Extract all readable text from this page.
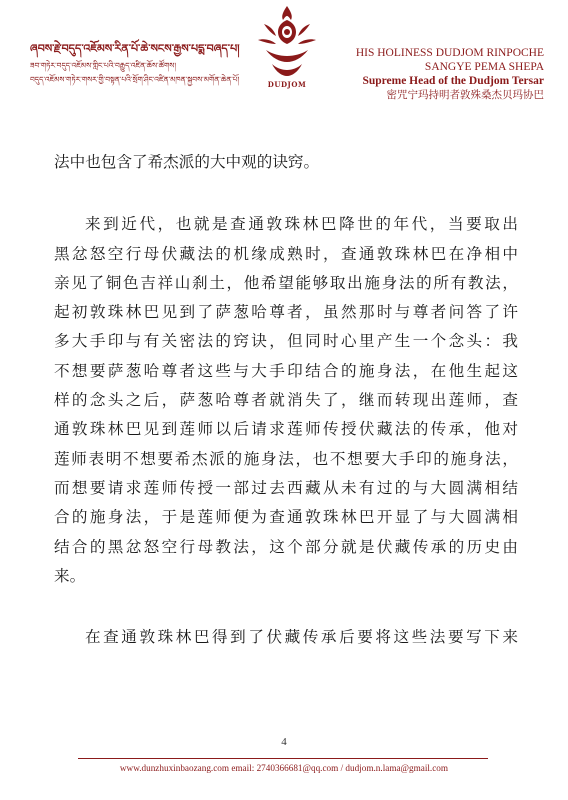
ཞབས་རྗེ་བདུད་འཇོམས་རིན་པོ་ཆེ་སངས་རྒྱས་པདྨ་བཞད་པ།
ཟབ་གཏེར་བདུད་འཇོམས་གླིང་པའི་བརྒྱུད་འཛིན་ཆོས་ཚོགས།
བདུད་འཇོམས་གཏེར་གསར་གྱི་བསྟན་པའི་སྲོག་ཤིང་འཛིན་མཁན་སྐྱབས་མགོན་ཆེན་པོ།
DUDJOM
HIS HOLINESS DUDJOM RINPOCHE
SANGYE PEMA SHEPA
Supreme Head of the Dudjom Tersar
密咒宁玛持明者敦殊桑杰贝玛协巴
法中也包含了希杰派的大中观的诀窍。
来到近代，也就是查通敦珠林巴降世的年代，当要取出
黑忿怒空行母伏藏法的机缘成熟时，查通敦珠林巴在净相中
亲见了铜色吉祥山刹土，他希望能够取出施身法的所有教法，
起初敦珠林巴见到了萨葱哈尊者，虽然那时与尊者问答了许
多大手印与有关密法的窍诀，但同时心里产生一个念头：我
不想要萨葱哈尊者这些与大手印结合的施身法，在他生起这
样的念头之后，萨葱哈尊者就消失了，继而转现出莲师，查
通敦珠林巴见到莲师以后请求莲师传授伏藏法的传承，他对
莲师表明不想要希杰派的施身法，也不想要大手印的施身法，
而想要请求莲师传授一部过去西藏从未有过的与大圆满相结
合的施身法，于是莲师便为查通敦珠林巴开显了与大圆满相
结合的黑忿怒空行母教法，这个部分就是伏藏传承的历史由
来。
在查通敦珠林巴得到了伏藏传承后要将这些法要写下来
4
www.dunzhuxinbaozang.com email: 2740366681@qq.com / dudjom.n.lama@gmail.com
